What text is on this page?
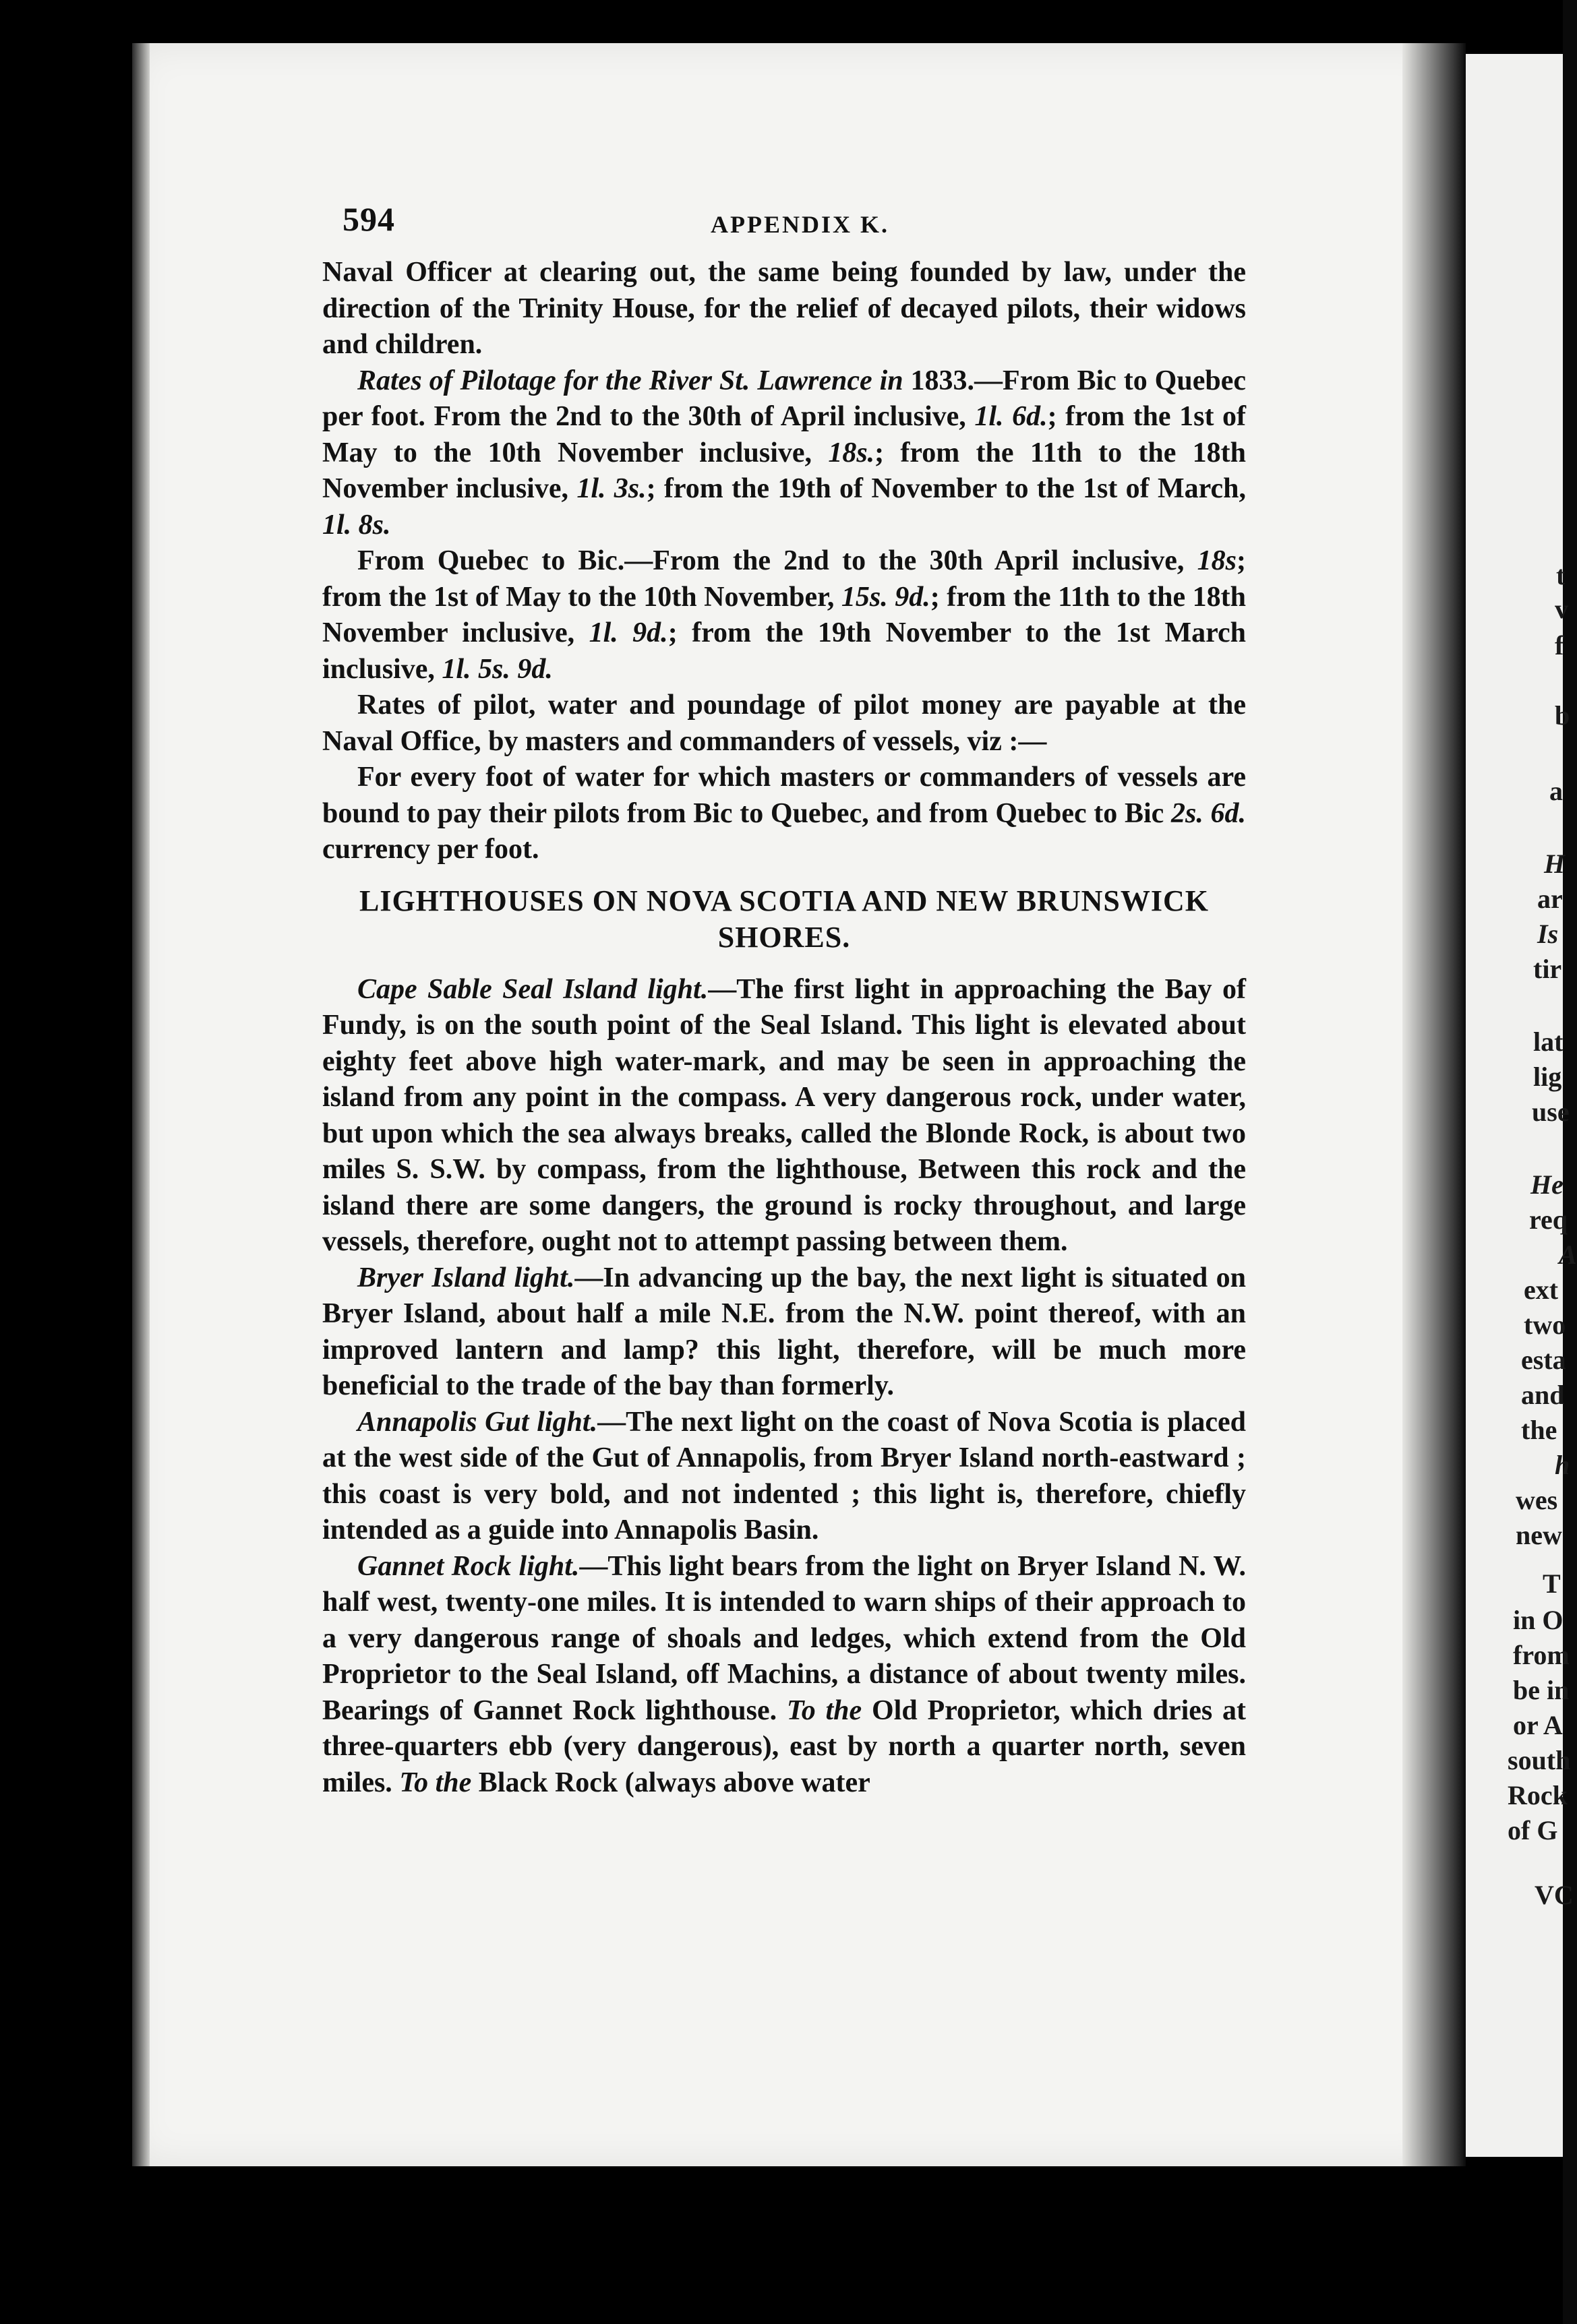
594	APPENDIX K.

Naval Officer at clearing out, the same being founded by law, under the direction of the Trinity House, for the relief of decayed pilots, their widows and children.

Rates of Pilotage for the River St. Lawrence in 1833.—From Bic to Quebec per foot. From the 2nd to the 30th of April inclusive, 1l. 6d.; from the 1st of May to the 10th November inclusive, 18s.; from the 11th to the 18th November inclusive, 1l. 3s.; from the 19th of November to the 1st of March, 1l. 8s.

From Quebec to Bic.—From the 2nd to the 30th April inclusive, 18s; from the 1st of May to the 10th November, 15s. 9d.; from the 11th to the 18th November inclusive, 1l. 9d.; from the 19th November to the 1st March inclusive, 1l. 5s. 9d.

Rates of pilot, water and poundage of pilot money are payable at the Naval Office, by masters and commanders of vessels, viz :—

For every foot of water for which masters or commanders of vessels are bound to pay their pilots from Bic to Quebec, and from Quebec to Bic 2s. 6d. currency per foot.

LIGHTHOUSES ON NOVA SCOTIA AND NEW BRUNSWICK SHORES.

Cape Sable Seal Island light.—The first light in approaching the Bay of Fundy, is on the south point of the Seal Island. This light is elevated about eighty feet above high water-mark, and may be seen in approaching the island from any point in the compass. A very dangerous rock, under water, but upon which the sea always breaks, called the Blonde Rock, is about two miles S. S.W. by compass, from the lighthouse, Between this rock and the island there are some dangers, the ground is rocky throughout, and large vessels, therefore, ought not to attempt passing between them.

Bryer Island light.—In advancing up the bay, the next light is situated on Bryer Island, about half a mile N.E. from the N.W. point thereof, with an improved lantern and lamp? this light, therefore, will be much more beneficial to the trade of the bay than formerly.

Annapolis Gut light.—The next light on the coast of Nova Scotia is placed at the west side of the Gut of Annapolis, from Bryer Island north-eastward ; this coast is very bold, and not indented ; this light is, therefore, chiefly intended as a guide into Annapolis Basin.

Gannet Rock light.—This light bears from the light on Bryer Island N. W. half west, twenty-one miles. It is intended to warn ships of their approach to a very dangerous range of shoals and ledges, which extend from the Old Proprietor to the Seal Island, off Machins, a distance of about twenty miles. Bearings of Gannet Rock lighthouse. To the Old Proprietor, which dries at three-quarters ebb (very dangerous), east by north a quarter north, seven miles. To the Black Rock (always above water

t
v
f
b
a
H
ar
Is
tir
lat
lig
use
He
req
A
ext
two
esta
and
the
h
wes
new
T
in O
from
be in
or A
south
Rock
of G
VC
